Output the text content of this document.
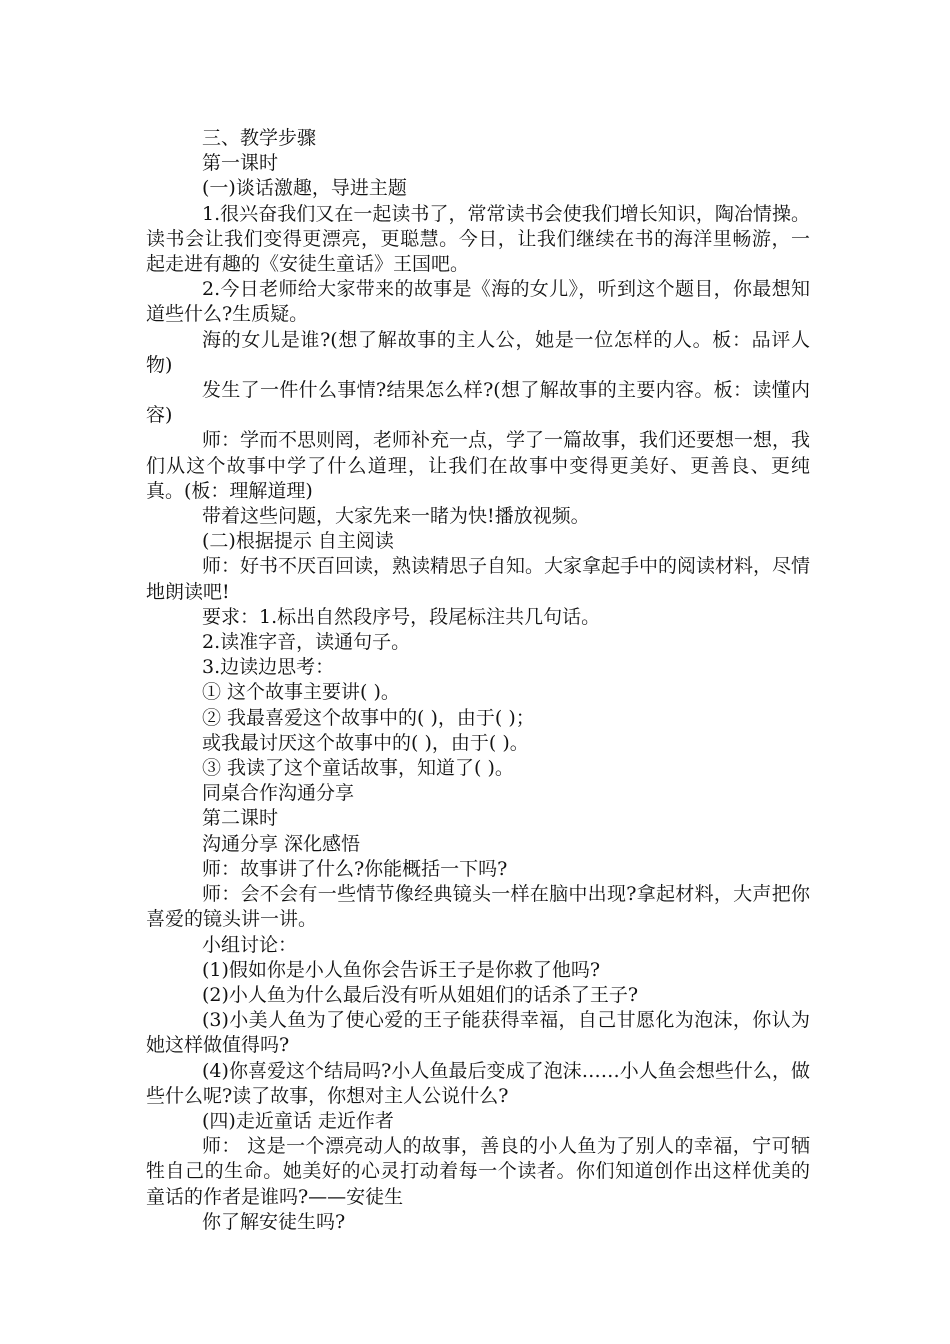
三、教学步骤

第一课时

(一)谈话激趣，导进主题

1.很兴奋我们又在一起读书了，常常读书会使我们增长知识，陶冶情操。读书会让我们变得更漂亮，更聪慧。今日，让我们继续在书的海洋里畅游，一起走进有趣的《安徒生童话》王国吧。

2.今日老师给大家带来的故事是《海的女儿》，听到这个题目，你最想知道些什么?生质疑。

海的女儿是谁?(想了解故事的主人公，她是一位怎样的人。板：品评人物)

发生了一件什么事情?结果怎么样?(想了解故事的主要内容。板：读懂内容)

师：学而不思则罔，老师补充一点，学了一篇故事，我们还要想一想，我们从这个故事中学了什么道理，让我们在故事中变得更美好、更善良、更纯真。(板：理解道理)

带着这些问题，大家先来一睹为快!播放视频。

(二)根据提示 自主阅读

师：好书不厌百回读，熟读精思子自知。大家拿起手中的阅读材料，尽情地朗读吧!

要求：1.标出自然段序号，段尾标注共几句话。

2.读准字音，读通句子。

3.边读边思考：

① 这个故事主要讲( )。

② 我最喜爱这个故事中的( )，由于( )；

或我最讨厌这个故事中的( )，由于( )。

③ 我读了这个童话故事，知道了( )。

同桌合作沟通分享

第二课时

沟通分享 深化感悟

师：故事讲了什么?你能概括一下吗?

师：会不会有一些情节像经典镜头一样在脑中出现?拿起材料，大声把你喜爱的镜头讲一讲。

小组讨论：

(1)假如你是小人鱼你会告诉王子是你救了他吗?

(2)小人鱼为什么最后没有听从姐姐们的话杀了王子?

(3)小美人鱼为了使心爱的王子能获得幸福，自己甘愿化为泡沫，你认为她这样做值得吗?

(4)你喜爱这个结局吗?小人鱼最后变成了泡沫……小人鱼会想些什么，做些什么呢?读了故事，你想对主人公说什么?

(四)走近童话 走近作者

师： 这是一个漂亮动人的故事，善良的小人鱼为了别人的幸福，宁可牺牲自己的生命。她美好的心灵打动着每一个读者。你们知道创作出这样优美的童话的作者是谁吗?——安徒生

你了解安徒生吗?
